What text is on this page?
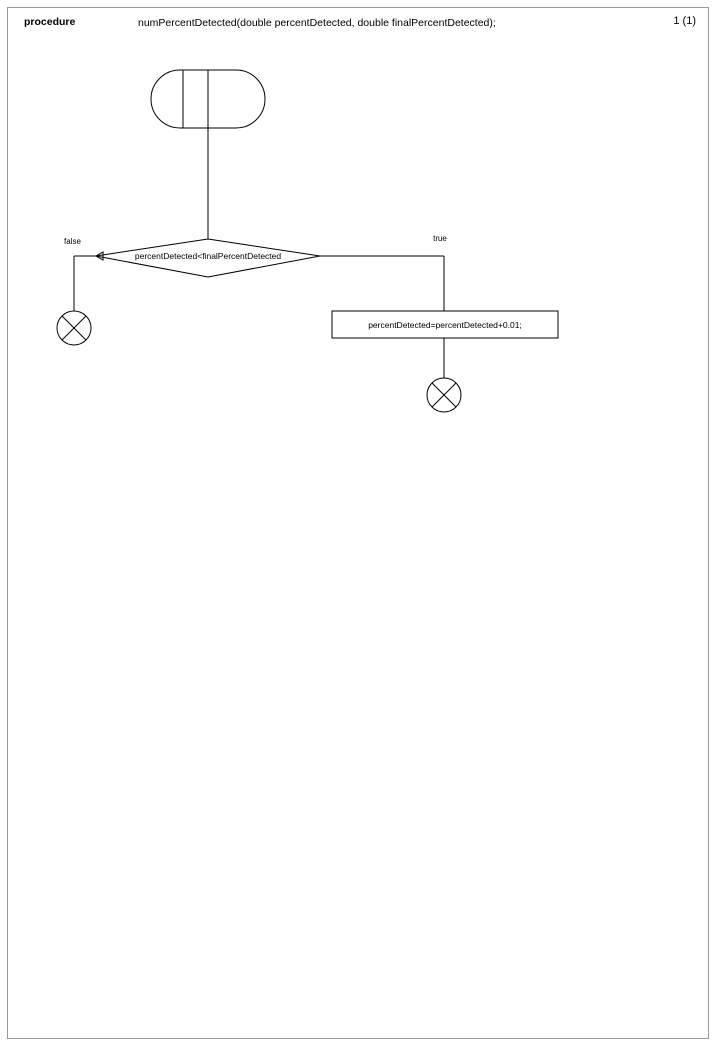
procedure	numPercentDetected(double percentDetected, double finalPercentDetected);	1 (1)
percentDetected<finalPercentDetected
false	true
percentDetected=percentDetected+0.01;
